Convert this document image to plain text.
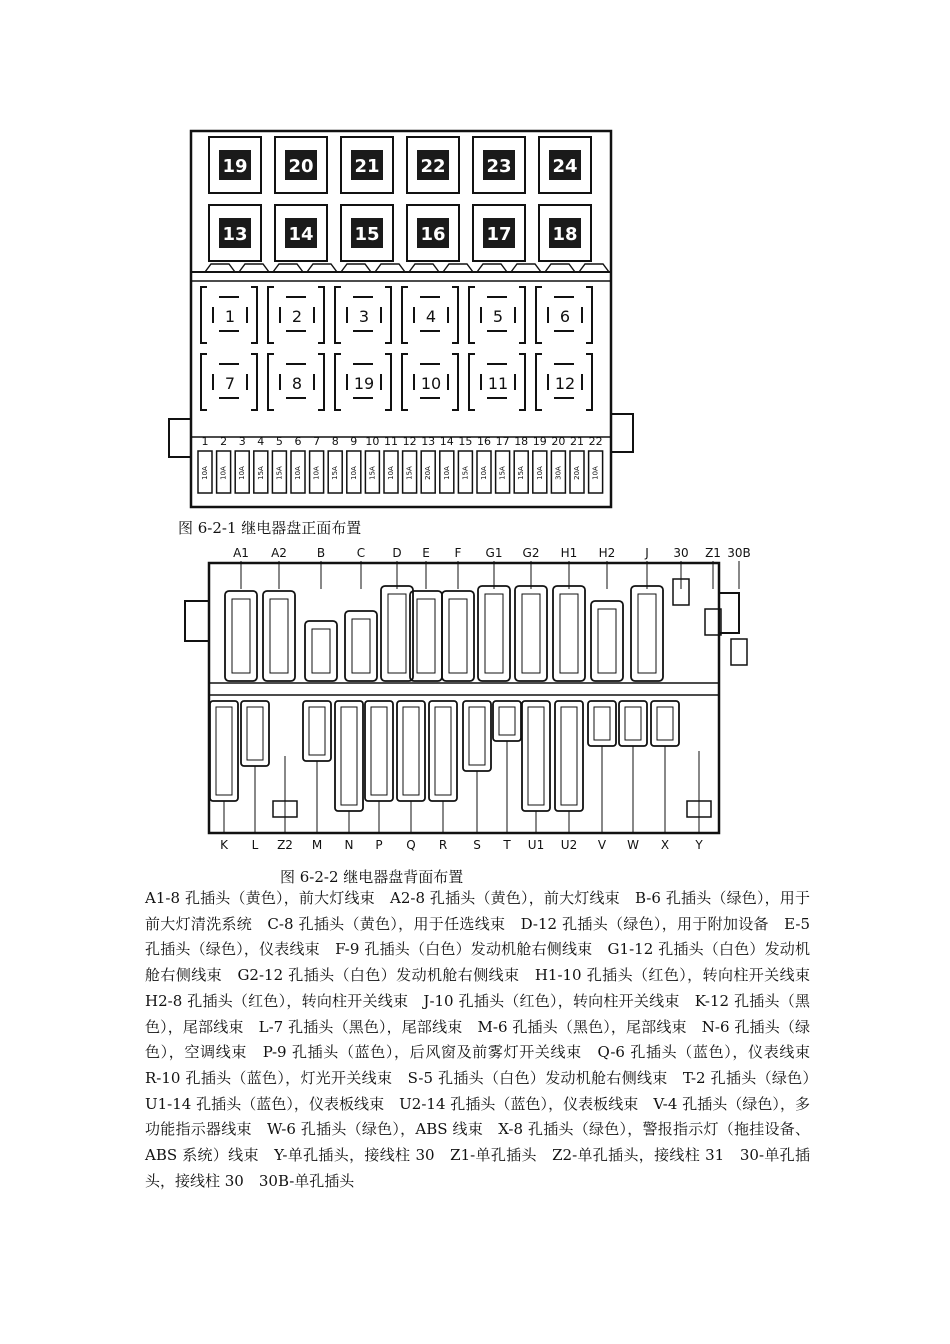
19 20 21 22 23 24
13 14 15 16 17 18
1	2	3	4	5	6
7	8	19	10	11	12
1
10A
2
10A
3
10A
4
15A
5
15A
6
10A
7
10A
8
15A
9
10A
10
15A
11
10A
12
15A
13
20A
14
10A
15
15A
16
10A
17
15A
18
15A
19
10A
20
30A
21
20A
22
10A
图 6-2-1 继电器盘正面布置
A1 A2 B	C D E F G1 G2 H1 H2 J 30 Z1 30B
K L Z2 M N P Q R S T U1 U2 V W X Y
图 6-2-2 继电器盘背面布置

A1-8 孔插头（黄色），前大灯线束　A2-8 孔插头（黄色），前大灯线束　B-6 孔插头（绿色），用于前大灯清洗系统　C-8 孔插头（黄色），用于任选线束　D-12 孔插头（绿色），用于附加设备　E-5 孔插头（绿色），仪表线束　F-9 孔插头（白色）发动机舱右侧线束　G1-12 孔插头（白色）发动机舱右侧线束　G2-12 孔插头（白色）发动机舱右侧线束　H1-10 孔插头（红色），转向柱开关线束　H2-8 孔插头（红色），转向柱开关线束　J-10 孔插头（红色），转向柱开关线束　K-12 孔插头（黑色），尾部线束　L-7 孔插头（黑色），尾部线束　M-6 孔插头（黑色），尾部线束　N-6 孔插头（绿色），空调线束　P-9 孔插头（蓝色），后风窗及前雾灯开关线束　Q-6 孔插头（蓝色），仪表线束　R-10 孔插头（蓝色），灯光开关线束　S-5 孔插头（白色）发动机舱右侧线束　T-2 孔插头（绿色）　U1-14 孔插头（蓝色），仪表板线束　U2-14 孔插头（蓝色），仪表板线束　V-4 孔插头（绿色），多功能指示器线束　W-6 孔插头（绿色），ABS 线束　X-8 孔插头（绿色），警报指示灯（拖挂设备、ABS 系统）线束　Y-单孔插头，接线柱 30　Z1-单孔插头　Z2-单孔插头，接线柱 31　30-单孔插头，接线柱 30　30B-单孔插头
